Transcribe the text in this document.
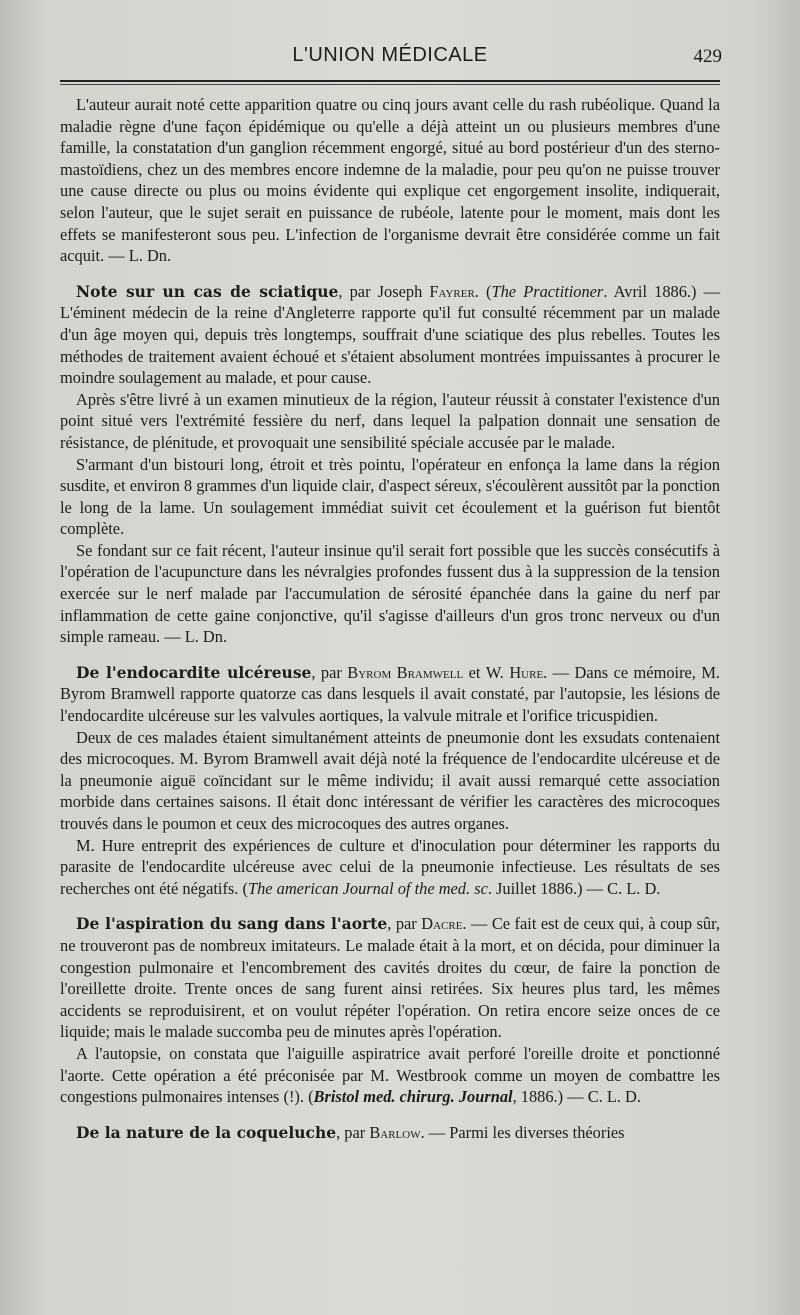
L'UNION MÉDICALE	429

L'auteur aurait noté cette apparition quatre ou cinq jours avant celle du rash rubéolique. Quand la maladie règne d'une façon épidémique ou qu'elle a déjà atteint un ou plusieurs membres d'une famille, la constatation d'un ganglion récemment engorgé, situé au bord postérieur d'un des sterno-mastoïdiens, chez un des membres encore indemne de la maladie, pour peu qu'on ne puisse trouver une cause directe ou plus ou moins évidente qui explique cet engorgement insolite, indiquerait, selon l'auteur, que le sujet serait en puissance de rubéole, latente pour le moment, mais dont les effets se manifesteront sous peu. L'infection de l'organisme devrait être considérée comme un fait acquit. — L. Dn.

Note sur un cas de sciatique, par Joseph Fayrer. (The Practitioner. Avril 1886.) — L'éminent médecin de la reine d'Angleterre rapporte qu'il fut consulté récemment par un malade d'un âge moyen qui, depuis très longtemps, souffrait d'une sciatique des plus rebelles. Toutes les méthodes de traitement avaient échoué et s'étaient absolument montrées impuissantes à procurer le moindre soulagement au malade, et pour cause.

Après s'être livré à un examen minutieux de la région, l'auteur réussit à constater l'existence d'un point situé vers l'extrémité fessière du nerf, dans lequel la palpation donnait une sensation de résistance, de plénitude, et provoquait une sensibilité spéciale accusée par le malade.

S'armant d'un bistouri long, étroit et très pointu, l'opérateur en enfonça la lame dans la région susdite, et environ 8 grammes d'un liquide clair, d'aspect séreux, s'écoulèrent aussitôt par la ponction le long de la lame. Un soulagement immédiat suivit cet écoulement et la guérison fut bientôt complète.

Se fondant sur ce fait récent, l'auteur insinue qu'il serait fort possible que les succès consécutifs à l'opération de l'acupuncture dans les névralgies profondes fussent dus à la suppression de la tension exercée sur le nerf malade par l'accumulation de sérosité épanchée dans la gaine du nerf par inflammation de cette gaine conjonctive, qu'il s'agisse d'ailleurs d'un gros tronc nerveux ou d'un simple rameau. — L. Dn.

De l'endocardite ulcéreuse, par Byrom Bramwell et W. Hure. — Dans ce mémoire, M. Byrom Bramwell rapporte quatorze cas dans lesquels il avait constaté, par l'autopsie, les lésions de l'endocardite ulcéreuse sur les valvules aortiques, la valvule mitrale et l'orifice tricuspidien.

Deux de ces malades étaient simultanément atteints de pneumonie dont les exsudats contenaient des microcoques. M. Byrom Bramwell avait déjà noté la fréquence de l'endocardite ulcéreuse et de la pneumonie aiguë coïncidant sur le même individu; il avait aussi remarqué cette association morbide dans certaines saisons. Il était donc intéressant de vérifier les caractères des microcoques trouvés dans le poumon et ceux des microcoques des autres organes.

M. Hure entreprit des expériences de culture et d'inoculation pour déterminer les rapports du parasite de l'endocardite ulcéreuse avec celui de la pneumonie infectieuse. Les résultats de ses recherches ont été négatifs. (The american Journal of the med. sc. Juillet 1886.) — C. L. D.

De l'aspiration du sang dans l'aorte, par Dacre. — Ce fait est de ceux qui, à coup sûr, ne trouveront pas de nombreux imitateurs. Le malade était à la mort, et on décida, pour diminuer la congestion pulmonaire et l'encombrement des cavités droites du cœur, de faire la ponction de l'oreillette droite. Trente onces de sang furent ainsi retirées. Six heures plus tard, les mêmes accidents se reproduisirent, et on voulut répéter l'opération. On retira encore seize onces de ce liquide; mais le malade succomba peu de minutes après l'opération.

A l'autopsie, on constata que l'aiguille aspiratrice avait perforé l'oreille droite et ponctionné l'aorte. Cette opération a été préconisée par M. Westbrook comme un moyen de combattre les congestions pulmonaires intenses (!). (Bristol med. chirurg. Journal, 1886.) — C. L. D.

De la nature de la coqueluche, par Barlow. — Parmi les diverses théories
